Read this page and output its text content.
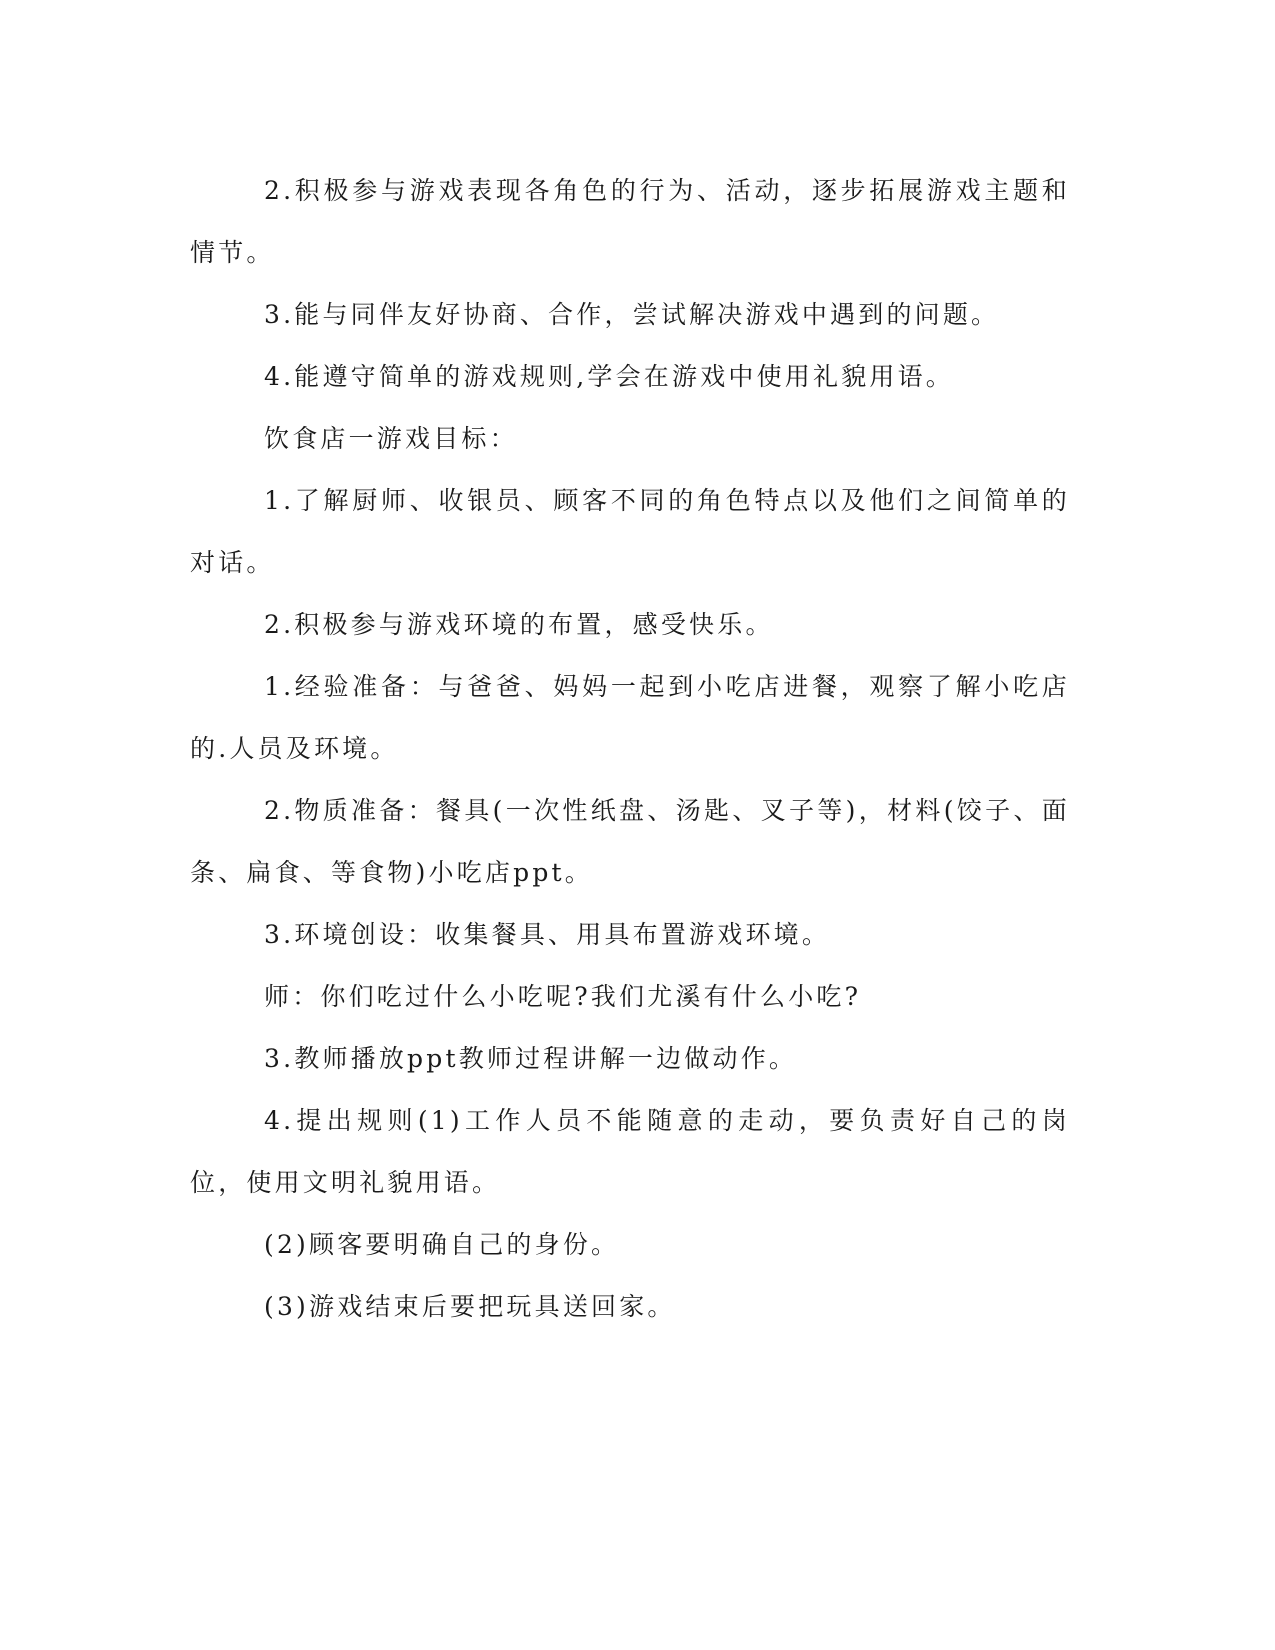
2.积极参与游戏表现各角色的行为、活动，逐步拓展游戏主题和情节。

3.能与同伴友好协商、合作，尝试解决游戏中遇到的问题。

4.能遵守简单的游戏规则,学会在游戏中使用礼貌用语。

饮食店一游戏目标：

1.了解厨师、收银员、顾客不同的角色特点以及他们之间简单的对话。

2.积极参与游戏环境的布置，感受快乐。

1.经验准备：与爸爸、妈妈一起到小吃店进餐，观察了解小吃店的.人员及环境。

2.物质准备：餐具(一次性纸盘、汤匙、叉子等)，材料(饺子、面条、扁食、等食物)小吃店ppt。

3.环境创设：收集餐具、用具布置游戏环境。

师：你们吃过什么小吃呢?我们尤溪有什么小吃?

3.教师播放ppt教师过程讲解一边做动作。

4.提出规则(1)工作人员不能随意的走动，要负责好自己的岗位，使用文明礼貌用语。

(2)顾客要明确自己的身份。

(3)游戏结束后要把玩具送回家。
